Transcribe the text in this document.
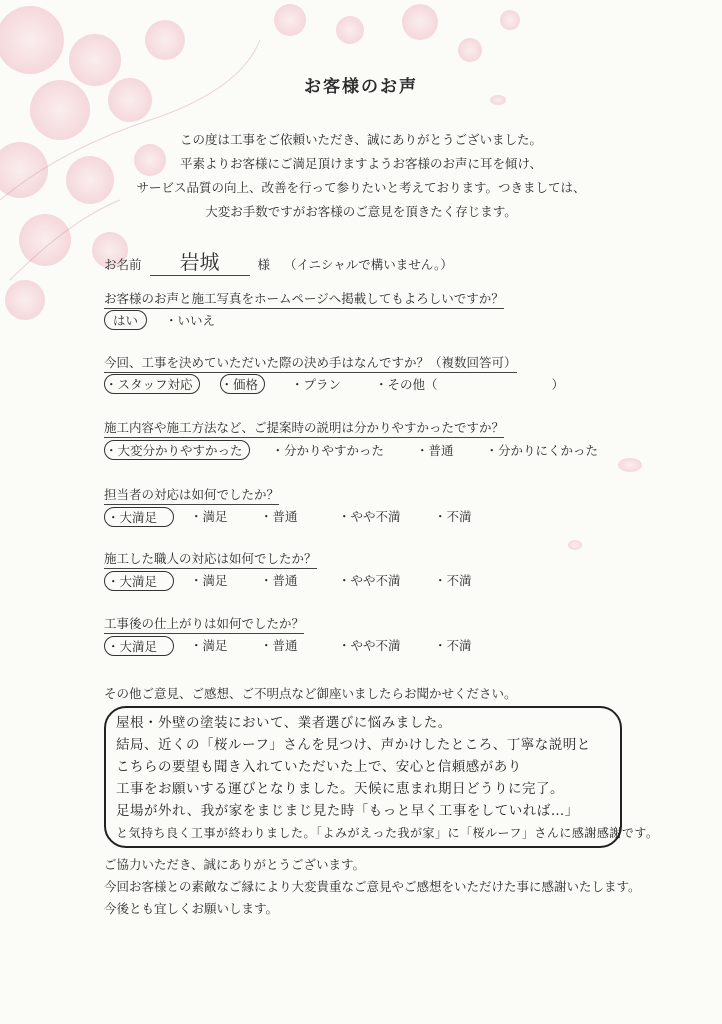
お客様のお声
この度は工事をご依頼いただき、誠にありがとうございました。
平素よりお客様にご満足頂けますようお客様のお声に耳を傾け、
サービス品質の向上、改善を行って参りたいと考えております。つきましては、
大変お手数ですがお客様のご意見を頂きたく存じます。
お名前 岩城	様 （イニシャルで構いません。）
お客様のお声と施工写真をホームページへ掲載してもよろしいですか？
はい ・いいえ
今回、工事を決めていただいた際の決め手はなんですか？（複数回答可）
・スタッフ対応 ・価格	・プラン	・その他（	）
施工内容や施工方法など、ご提案時の説明は分かりやすかったですか？
・大変分かりやすかった ・分かりやすかった	・普通	・分かりにくかった
担当者の対応は如何でしたか？
・大満足	・満足	・普通	・やや不満	・不満
施工した職人の対応は如何でしたか？
・大満足	・満足	・普通	・やや不満	・不満
工事後の仕上がりは如何でしたか？
・大満足	・満足	・普通	・やや不満	・不満
その他ご意見、ご感想、ご不明点など御座いましたらお聞かせください。
屋根・外壁の塗装において、業者選びに悩みました。
結局、近くの「桜ルーフ」さんを見つけ、声かけしたところ、丁寧な説明と
こちらの要望も聞き入れていただいた上で、安心と信頼感があり
工事をお願いする運びとなりました。天候に恵まれ期日どうりに完了。
足場が外れ、我が家をまじまじ見た時「もっと早く工事をしていれば…」
と気持ち良く工事が終わりました。「よみがえった我が家」に「桜ルーフ」さんに感謝感謝です。
ご協力いただき、誠にありがとうございます。
今回お客様との素敵なご縁により大変貴重なご意見やご感想をいただけた事に感謝いたします。
今後とも宜しくお願いします。
